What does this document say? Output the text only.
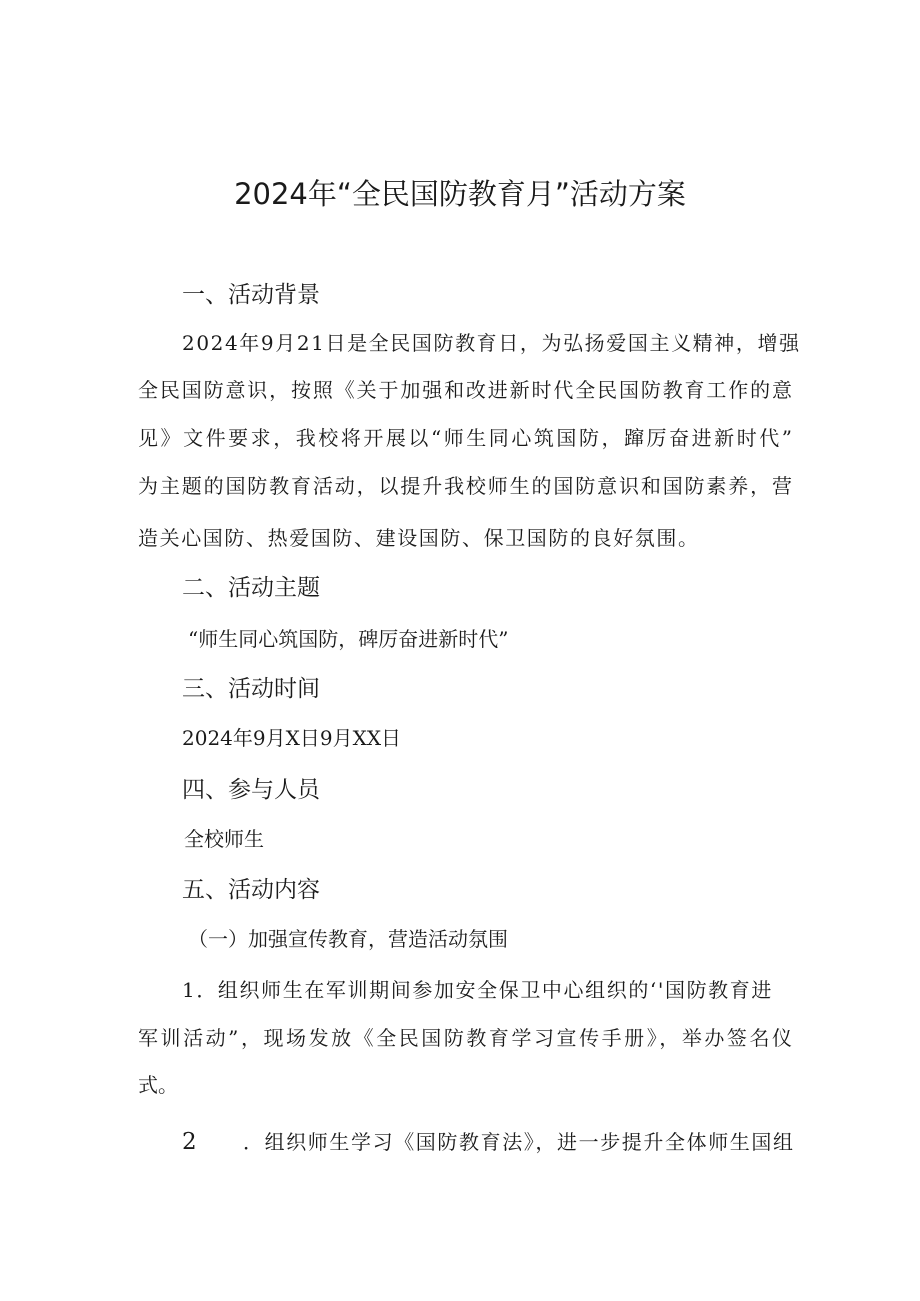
2024年“全民国防教育月”活动方案
一、活动背景
2024年9月21日是全民国防教育日，为弘扬爱国主义精神，增强
全民国防意识，按照《关于加强和改进新时代全民国防教育工作的意
见》文件要求，我校将开展以“师生同心筑国防，蹿厉奋进新时代”
为主题的国防教育活动，以提升我校师生的国防意识和国防素养，营
造关心国防、热爱国防、建设国防、保卫国防的良好氛围。
二、活动主题
“师生同心筑国防，碑厉奋进新时代”
三、活动时间
2024年9月X日9月XX日
四、参与人员
全校师生
五、活动内容
（一）加强宣传教育，营造活动氛围
1．组织师生在军训期间参加安全保卫中心组织的‘'国防教育进
军训活动”，现场发放《全民国防教育学习宣传手册》，举办签名仪
式。
2 ．组织师生学习《国防教育法》，进一步提升全体师生国组
